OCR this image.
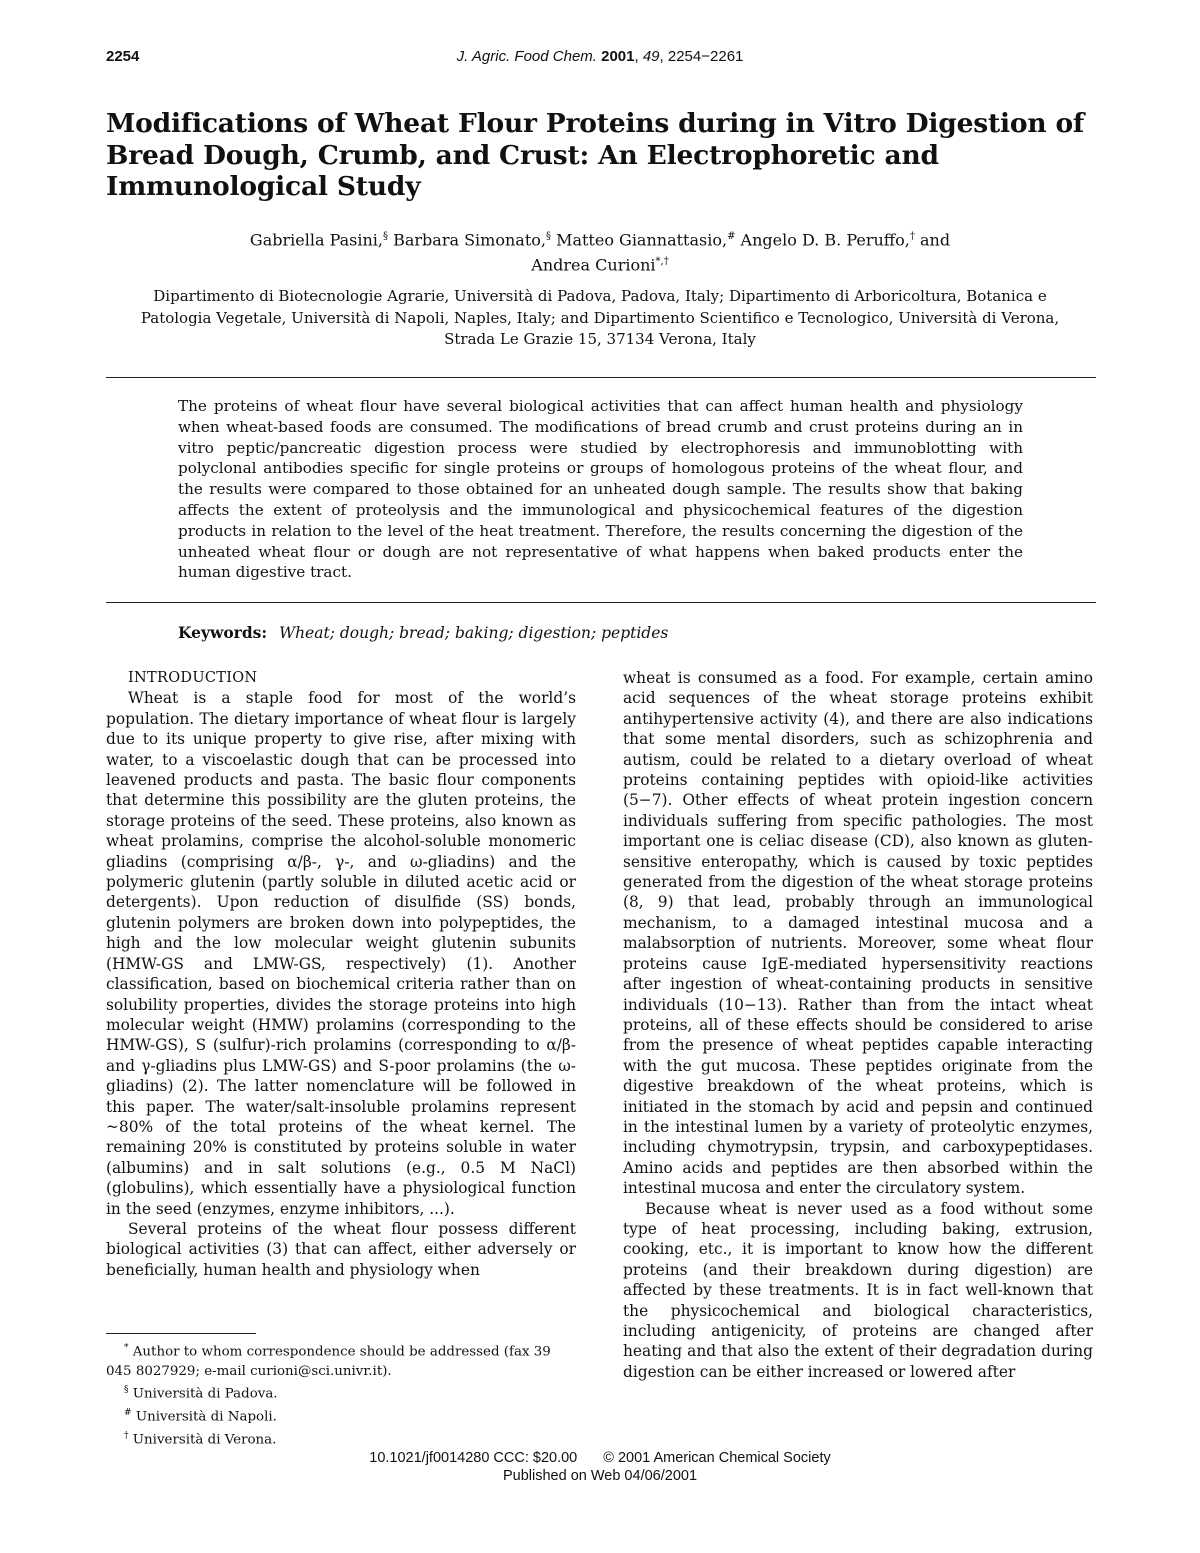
2254	J. Agric. Food Chem. 2001, 49, 2254−2261
Modifications of Wheat Flour Proteins during in Vitro Digestion of Bread Dough, Crumb, and Crust: An Electrophoretic and Immunological Study
Gabriella Pasini,§ Barbara Simonato,§ Matteo Giannattasio,# Angelo D. B. Peruffo,† and
Andrea Curioni*,†
Dipartimento di Biotecnologie Agrarie, Università di Padova, Padova, Italy; Dipartimento di Arboricoltura, Botanica e Patologia Vegetale, Università di Napoli, Naples, Italy; and Dipartimento Scientifico e Tecnologico, Università di Verona, Strada Le Grazie 15, 37134 Verona, Italy
The proteins of wheat flour have several biological activities that can affect human health and physiology when wheat-based foods are consumed. The modifications of bread crumb and crust proteins during an in vitro peptic/pancreatic digestion process were studied by electrophoresis and immunoblotting with polyclonal antibodies specific for single proteins or groups of homologous proteins of the wheat flour, and the results were compared to those obtained for an unheated dough sample. The results show that baking affects the extent of proteolysis and the immunological and physicochemical features of the digestion products in relation to the level of the heat treatment. Therefore, the results concerning the digestion of the unheated wheat flour or dough are not representative of what happens when baked products enter the human digestive tract.
Keywords: Wheat; dough; bread; baking; digestion; peptides

INTRODUCTION

Wheat is a staple food for most of the world’s population. The dietary importance of wheat flour is largely due to its unique property to give rise, after mixing with water, to a viscoelastic dough that can be processed into leavened products and pasta. The basic flour components that determine this possibility are the gluten proteins, the storage proteins of the seed. These proteins, also known as wheat prolamins, comprise the alcohol-soluble monomeric gliadins (comprising α/β-, γ-, and ω-gliadins) and the polymeric glutenin (partly soluble in diluted acetic acid or detergents). Upon reduction of disulfide (SS) bonds, glutenin polymers are broken down into polypeptides, the high and the low molecular weight glutenin subunits (HMW-GS and LMW-GS, respectively) (1). Another classification, based on biochemical criteria rather than on solubility properties, divides the storage proteins into high molecular weight (HMW) prolamins (corresponding to the HMW-GS), S (sulfur)-rich prolamins (corresponding to α/β- and γ-gliadins plus LMW-GS) and S-poor prolamins (the ω-gliadins) (2). The latter nomenclature will be followed in this paper. The water/salt-insoluble prolamins represent ~80% of the total proteins of the wheat kernel. The remaining 20% is constituted by proteins soluble in water (albumins) and in salt solutions (e.g., 0.5 M NaCl) (globulins), which essentially have a physiological function in the seed (enzymes, enzyme inhibitors, ...).

Several proteins of the wheat flour possess different biological activities (3) that can affect, either adversely or beneficially, human health and physiology when

wheat is consumed as a food. For example, certain amino acid sequences of the wheat storage proteins exhibit antihypertensive activity (4), and there are also indications that some mental disorders, such as schizophrenia and autism, could be related to a dietary overload of wheat proteins containing peptides with opioid-like activities (5−7). Other effects of wheat protein ingestion concern individuals suffering from specific pathologies. The most important one is celiac disease (CD), also known as gluten-sensitive enteropathy, which is caused by toxic peptides generated from the digestion of the wheat storage proteins (8, 9) that lead, probably through an immunological mechanism, to a damaged intestinal mucosa and a malabsorption of nutrients. Moreover, some wheat flour proteins cause IgE-mediated hypersensitivity reactions after ingestion of wheat-containing products in sensitive individuals (10−13). Rather than from the intact wheat proteins, all of these effects should be considered to arise from the presence of wheat peptides capable interacting with the gut mucosa. These peptides originate from the digestive breakdown of the wheat proteins, which is initiated in the stomach by acid and pepsin and continued in the intestinal lumen by a variety of proteolytic enzymes, including chymotrypsin, trypsin, and carboxypeptidases. Amino acids and peptides are then absorbed within the intestinal mucosa and enter the circulatory system.

Because wheat is never used as a food without some type of heat processing, including baking, extrusion, cooking, etc., it is important to know how the different proteins (and their breakdown during digestion) are affected by these treatments. It is in fact well-known that the physicochemical and biological characteristics, including antigenicity, of proteins are changed after heating and that also the extent of their degradation during digestion can be either increased or lowered after

* Author to whom correspondence should be addressed (fax 39 045 8027929; e-mail curioni@sci.univr.it).
§ Università di Padova.
# Università di Napoli.
† Università di Verona.
10.1021/jf0014280 CCC: $20.00 © 2001 American Chemical Society
Published on Web 04/06/2001
